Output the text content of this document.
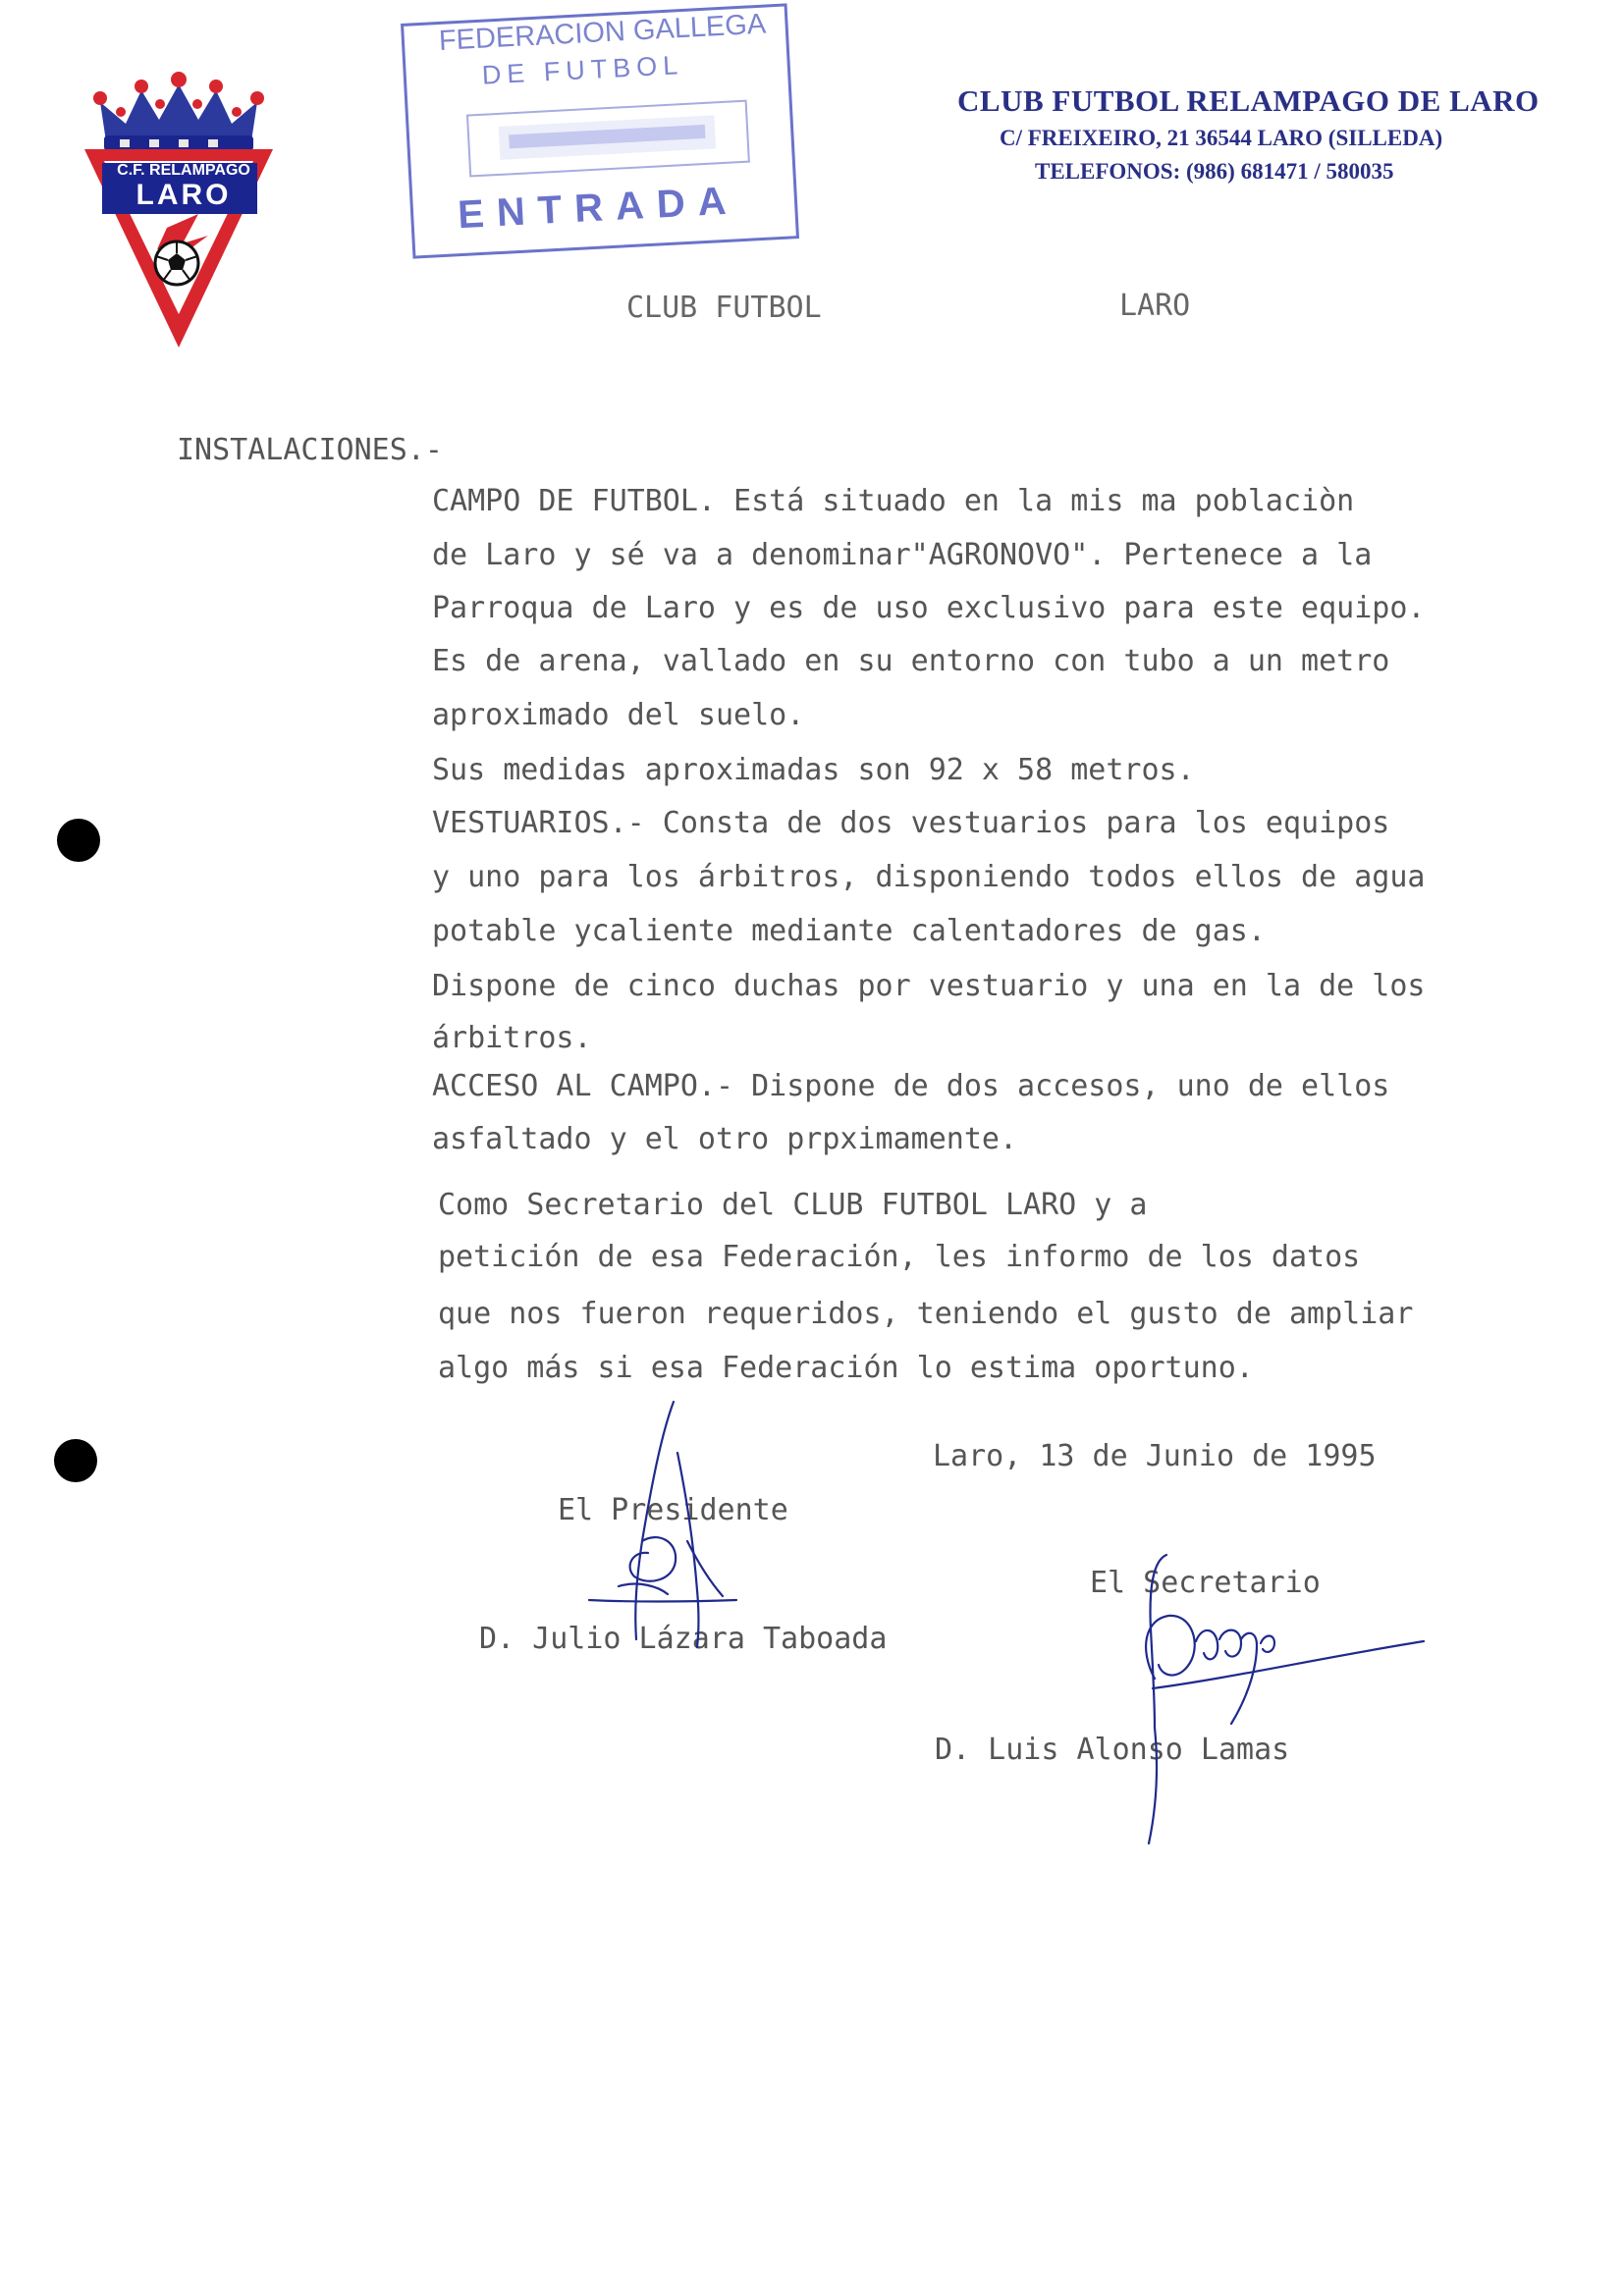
C.F. RELAMPAGO
LARO
FEDERACION GALLEGA
DE FUTBOL
ENTRADA
CLUB FUTBOL RELAMPAGO DE LARO
C/ FREIXEIRO, 21 36544 LARO (SILLEDA)
TELEFONOS: (986) 681471 / 580035
CLUB FUTBOL	LARO
INSTALACIONES.-
CAMPO DE FUTBOL. Está situado en la mis ma poblaciòn
de Laro y sé va a denominar"AGRONOVO". Pertenece a la
Parroqua de Laro y es de uso exclusivo para este equipo.
Es de arena, vallado en su entorno con tubo a un metro
aproximado del suelo.
Sus medidas aproximadas son 92 x 58 metros.
VESTUARIOS.- Consta de dos vestuarios para los equipos
y uno para los árbitros, disponiendo todos ellos de agua
potable ycaliente mediante calentadores de gas.
Dispone de cinco duchas por vestuario y una en la de los
árbitros.
ACCESO AL CAMPO.- Dispone de dos accesos, uno de ellos
asfaltado y el otro prpximamente.
Como Secretario del CLUB FUTBOL LARO y a
petición de esa Federación, les informo de los datos
que nos fueron requeridos, teniendo el gusto de ampliar
algo más si esa Federación lo estima oportuno.
Laro, 13 de Junio de 1995
El Presidente
D. Julio Lázara Taboada
El Secretario
D. Luis Alonso Lamas
